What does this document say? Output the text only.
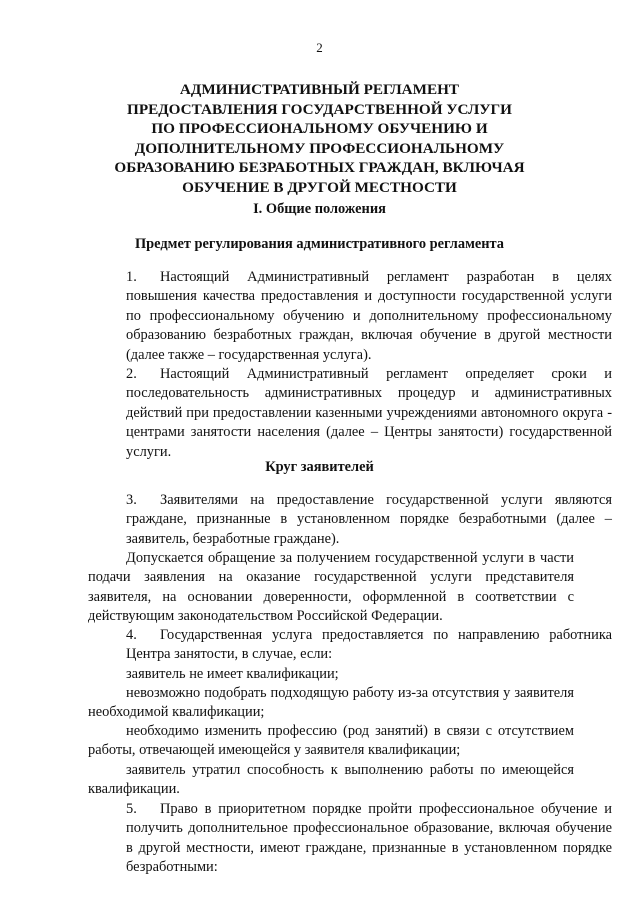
2
АДМИНИСТРАТИВНЫЙ РЕГЛАМЕНТ
ПРЕДОСТАВЛЕНИЯ ГОСУДАРСТВЕННОЙ УСЛУГИ
ПО ПРОФЕССИОНАЛЬНОМУ ОБУЧЕНИЮ И
ДОПОЛНИТЕЛЬНОМУ ПРОФЕССИОНАЛЬНОМУ
ОБРАЗОВАНИЮ БЕЗРАБОТНЫХ ГРАЖДАН, ВКЛЮЧАЯ
ОБУЧЕНИЕ В ДРУГОЙ МЕСТНОСТИ
I. Общие положения
Предмет регулирования административного регламента
1. Настоящий Административный регламент разработан в целях повышения качества предоставления и доступности государственной услуги по профессиональному обучению и дополнительному профессиональному образованию безработных граждан, включая обучение в другой местности (далее также – государственная услуга).
2. Настоящий Административный регламент определяет сроки и последовательность административных процедур и административных действий при предоставлении казенными учреждениями автономного округа - центрами занятости населения (далее – Центры занятости) государственной услуги.
Круг заявителей
3. Заявителями на предоставление государственной услуги являются граждане, признанные в установленном порядке безработными (далее – заявитель, безработные граждане).
Допускается обращение за получением государственной услуги в части подачи заявления на оказание государственной услуги представителя заявителя, на основании доверенности, оформленной в соответствии с действующим законодательством Российской Федерации.
4. Государственная услуга предоставляется по направлению работника Центра занятости, в случае, если:
заявитель не имеет квалификации;
невозможно подобрать подходящую работу из-за отсутствия у заявителя необходимой квалификации;
необходимо изменить профессию (род занятий) в связи с отсутствием работы, отвечающей имеющейся у заявителя квалификации;
заявитель утратил способность к выполнению работы по имеющейся квалификации.
5. Право в приоритетном порядке пройти профессиональное обучение и получить дополнительное профессиональное образование, включая обучение в другой местности, имеют граждане, признанные в установленном порядке безработными:
